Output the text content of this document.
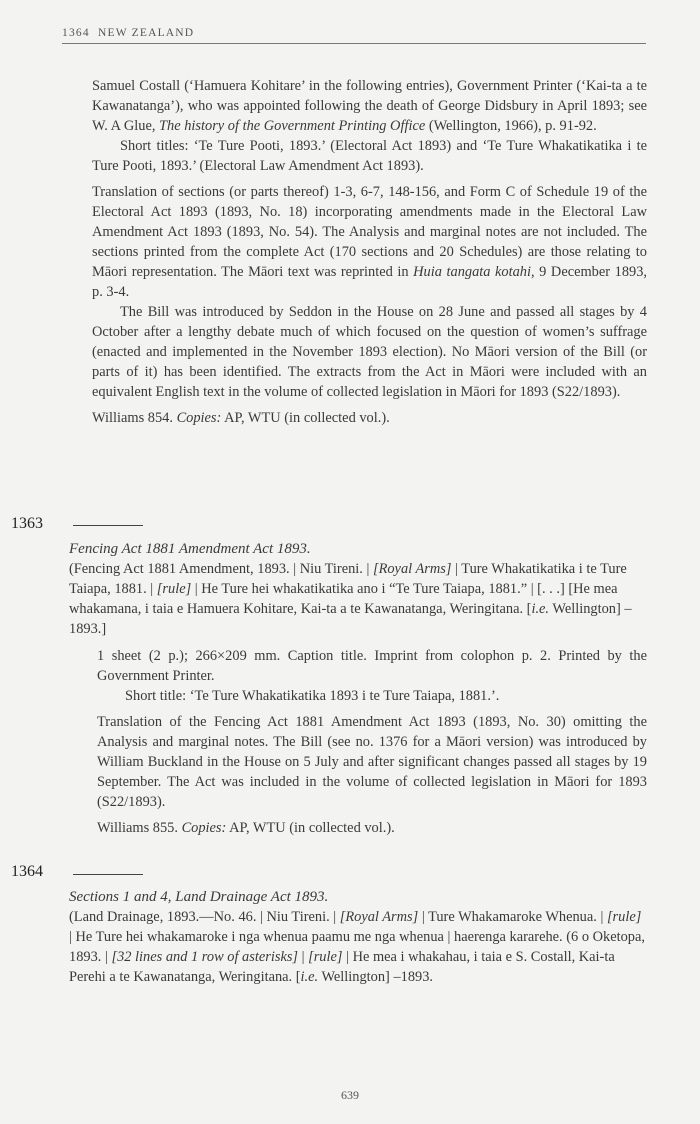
1364 NEW ZEALAND

Samuel Costall (‘Hamuera Kohitare’ in the following entries), Government Printer (‘Kai-ta a te Kawanatanga’), who was appointed following the death of George Didsbury in April 1893; see W. A Glue, The history of the Government Printing Office (Wellington, 1966), p. 91-92.

Short titles: ‘Te Ture Pooti, 1893.’ (Electoral Act 1893) and ‘Te Ture Whakatikatika i te Ture Pooti, 1893.’ (Electoral Law Amendment Act 1893).

Translation of sections (or parts thereof) 1-3, 6-7, 148-156, and Form C of Schedule 19 of the Electoral Act 1893 (1893, No. 18) incorporating amendments made in the Electoral Law Amendment Act 1893 (1893, No. 54). The Analysis and marginal notes are not included. The sections printed from the complete Act (170 sections and 20 Schedules) are those relating to Māori representation. The Māori text was reprinted in Huia tangata kotahi, 9 December 1893, p. 3-4.

The Bill was introduced by Seddon in the House on 28 June and passed all stages by 4 October after a lengthy debate much of which focused on the question of women’s suffrage (enacted and implemented in the November 1893 election). No Māori version of the Bill (or parts of it) has been identified. The extracts from the Act in Māori were included with an equivalent English text in the volume of collected legislation in Māori for 1893 (S22/1893).

Williams 854. Copies: AP, WTU (in collected vol.).

1363

Fencing Act 1881 Amendment Act 1893.

(Fencing Act 1881 Amendment, 1893. | Niu Tireni. | [Royal Arms] | Ture Whakatikatika i te Ture Taiapa, 1881. | [rule] | He Ture hei whakatikatika ano i “Te Ture Taiapa, 1881.” | [. . .] [He mea whakamana, i taia e Hamuera Kohitare, Kai-ta a te Kawanatanga, Weringitana. [i.e. Wellington] –1893.]

1 sheet (2 p.); 266×209 mm. Caption title. Imprint from colophon p. 2. Printed by the Government Printer.

Short title: ‘Te Ture Whakatikatika 1893 i te Ture Taiapa, 1881.’.

Translation of the Fencing Act 1881 Amendment Act 1893 (1893, No. 30) omitting the Analysis and marginal notes. The Bill (see no. 1376 for a Māori version) was introduced by William Buckland in the House on 5 July and after significant changes passed all stages by 19 September. The Act was included in the volume of collected legislation in Māori for 1893 (S22/1893).

Williams 855. Copies: AP, WTU (in collected vol.).

1364

Sections 1 and 4, Land Drainage Act 1893.

(Land Drainage, 1893.—No. 46. | Niu Tireni. | [Royal Arms] | Ture Whakamaroke Whenua. | [rule] | He Ture hei whakamaroke i nga whenua paamu me nga whenua | haerenga kararehe. (6 o Oketopa, 1893. | [32 lines and 1 row of asterisks] | [rule] | He mea i whakahau, i taia e S. Costall, Kai-ta Perehi a te Kawanatanga, Weringitana. [i.e. Wellington] –1893.

639
